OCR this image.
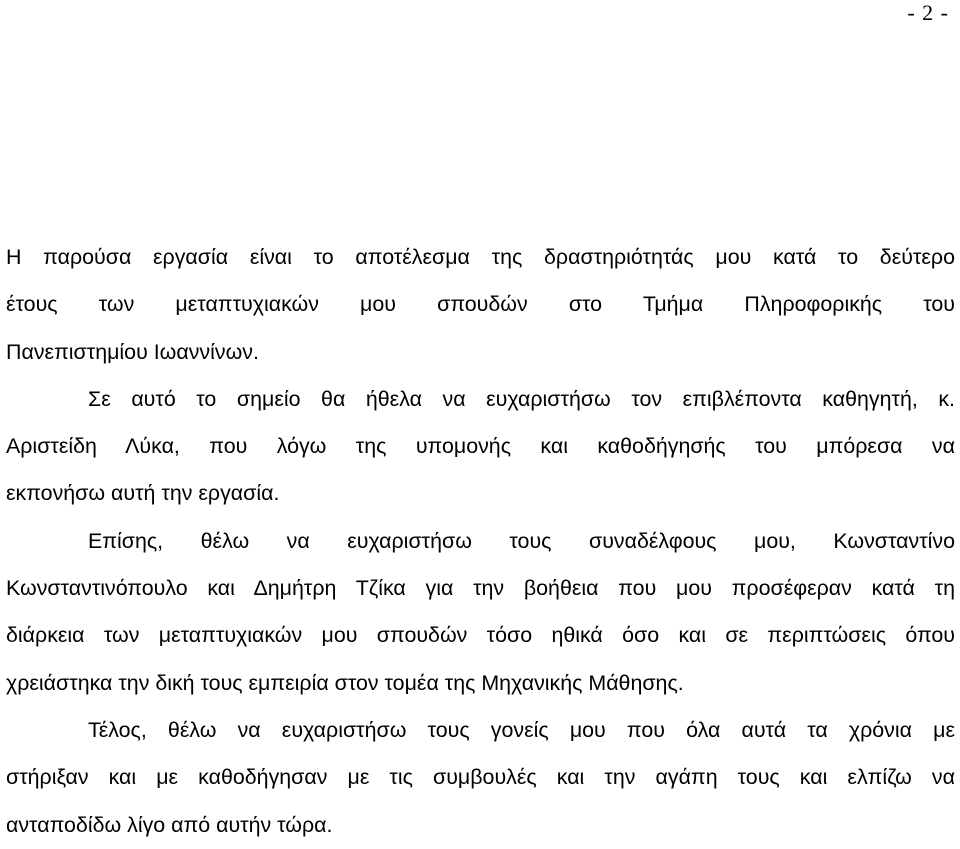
- 2 -
Η παρούσα εργασία είναι το αποτέλεσμα της δραστηριότητάς μου κατά το δεύτερο
έτους των μεταπτυχιακών μου σπουδών στο Τμήμα Πληροφορικής του
Πανεπιστημίου Ιωαννίνων.
Σε αυτό το σημείο θα ήθελα να ευχαριστήσω τον επιβλέποντα καθηγητή, κ.
Αριστείδη Λύκα, που λόγω της υπομονής και καθοδήγησής του μπόρεσα να
εκπονήσω αυτή την εργασία.
Επίσης, θέλω να ευχαριστήσω τους συναδέλφους μου, Κωνσταντίνο
Κωνσταντινόπουλο και Δημήτρη Τζίκα για την βοήθεια που μου προσέφεραν κατά τη
διάρκεια των μεταπτυχιακών μου σπουδών τόσο ηθικά όσο και σε περιπτώσεις όπου
χρειάστηκα την δική τους εμπειρία στον τομέα της Μηχανικής Μάθησης.
Τέλος, θέλω να ευχαριστήσω τους γονείς μου που όλα αυτά τα χρόνια με
στήριξαν και με καθοδήγησαν με τις συμβουλές και την αγάπη τους και ελπίζω να
ανταποδίδω λίγο από αυτήν τώρα.
